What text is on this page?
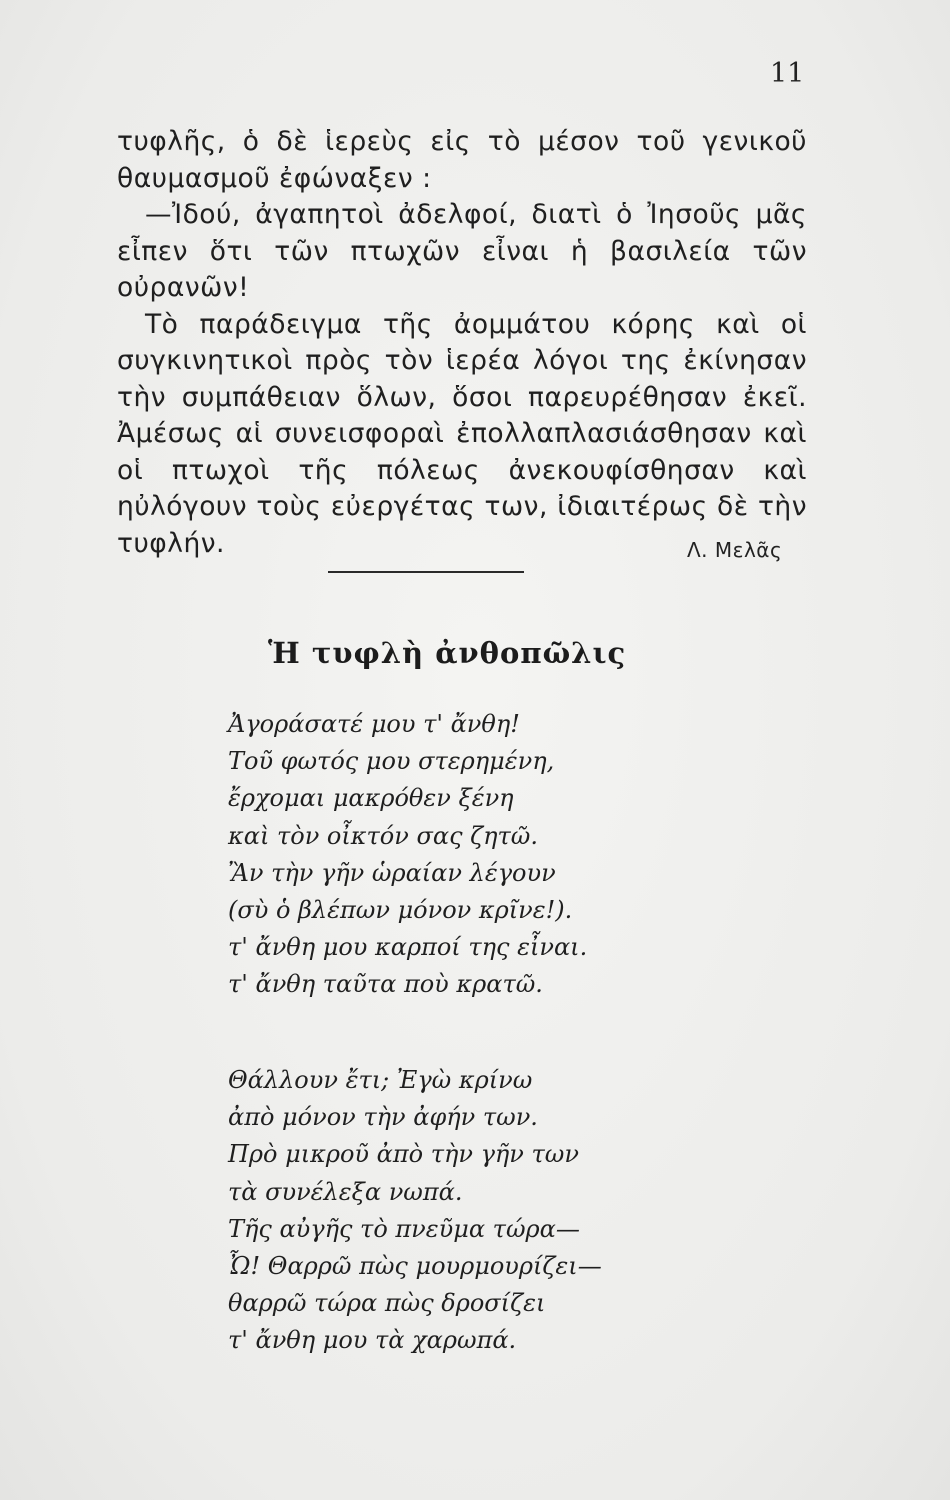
11

τυφλῆς, ὁ δὲ ἱερεὺς εἰς τὸ μέσον τοῦ γενικοῦ θαυμασμοῦ ἐφώναξεν :

—Ἰδού, ἀγαπητοὶ ἀδελφοί, διατὶ ὁ Ἰησοῦς μᾶς εἶπεν ὅτι τῶν πτωχῶν εἶναι ἡ βασιλεία τῶν οὐρανῶν!

Τὸ παράδειγμα τῆς ἀομμάτου κόρης καὶ οἱ συγκινητικοὶ πρὸς τὸν ἱερέα λόγοι της ἐκίνησαν τὴν συμπάθειαν ὅλων, ὅσοι παρευρέθησαν ἐκεῖ. Ἀμέσως αἱ συνεισφοραὶ ἐπολλαπλασιάσθησαν καὶ οἱ πτωχοὶ τῆς πόλεως ἀνεκουφίσθησαν καὶ ηὐλόγουν τοὺς εὐεργέτας των, ἰδιαιτέρως δὲ τὴν τυφλήν.	Λ. Μελᾶς
Ἡ τυφλὴ ἀνθοπῶλις
Ἀγοράσατέ μου τ' ἄνθη!
Τοῦ φωτός μου στερημένη,
ἔρχομαι μακρόθεν ξένη
καὶ τὸν οἶκτόν σας ζητῶ.
Ἂν τὴν γῆν ὡραίαν λέγουν
(σὺ ὁ βλέπων μόνον κρῖνε!).
τ' ἄνθη μου καρποί της εἶναι.
τ' ἄνθη ταῦτα ποὺ κρατῶ.
Θάλλουν ἔτι; Ἐγὼ κρίνω
ἀπὸ μόνον τὴν ἀφήν των.
Πρὸ μικροῦ ἀπὸ τὴν γῆν των
τὰ συνέλεξα νωπά.
Τῆς αὐγῆς τὸ πνεῦμα τώρα—
Ὦ! Θαρρῶ πὼς μουρμουρίζει—
θαρρῶ τώρα πὼς δροσίζει
τ' ἄνθη μου τὰ χαρωπά.
